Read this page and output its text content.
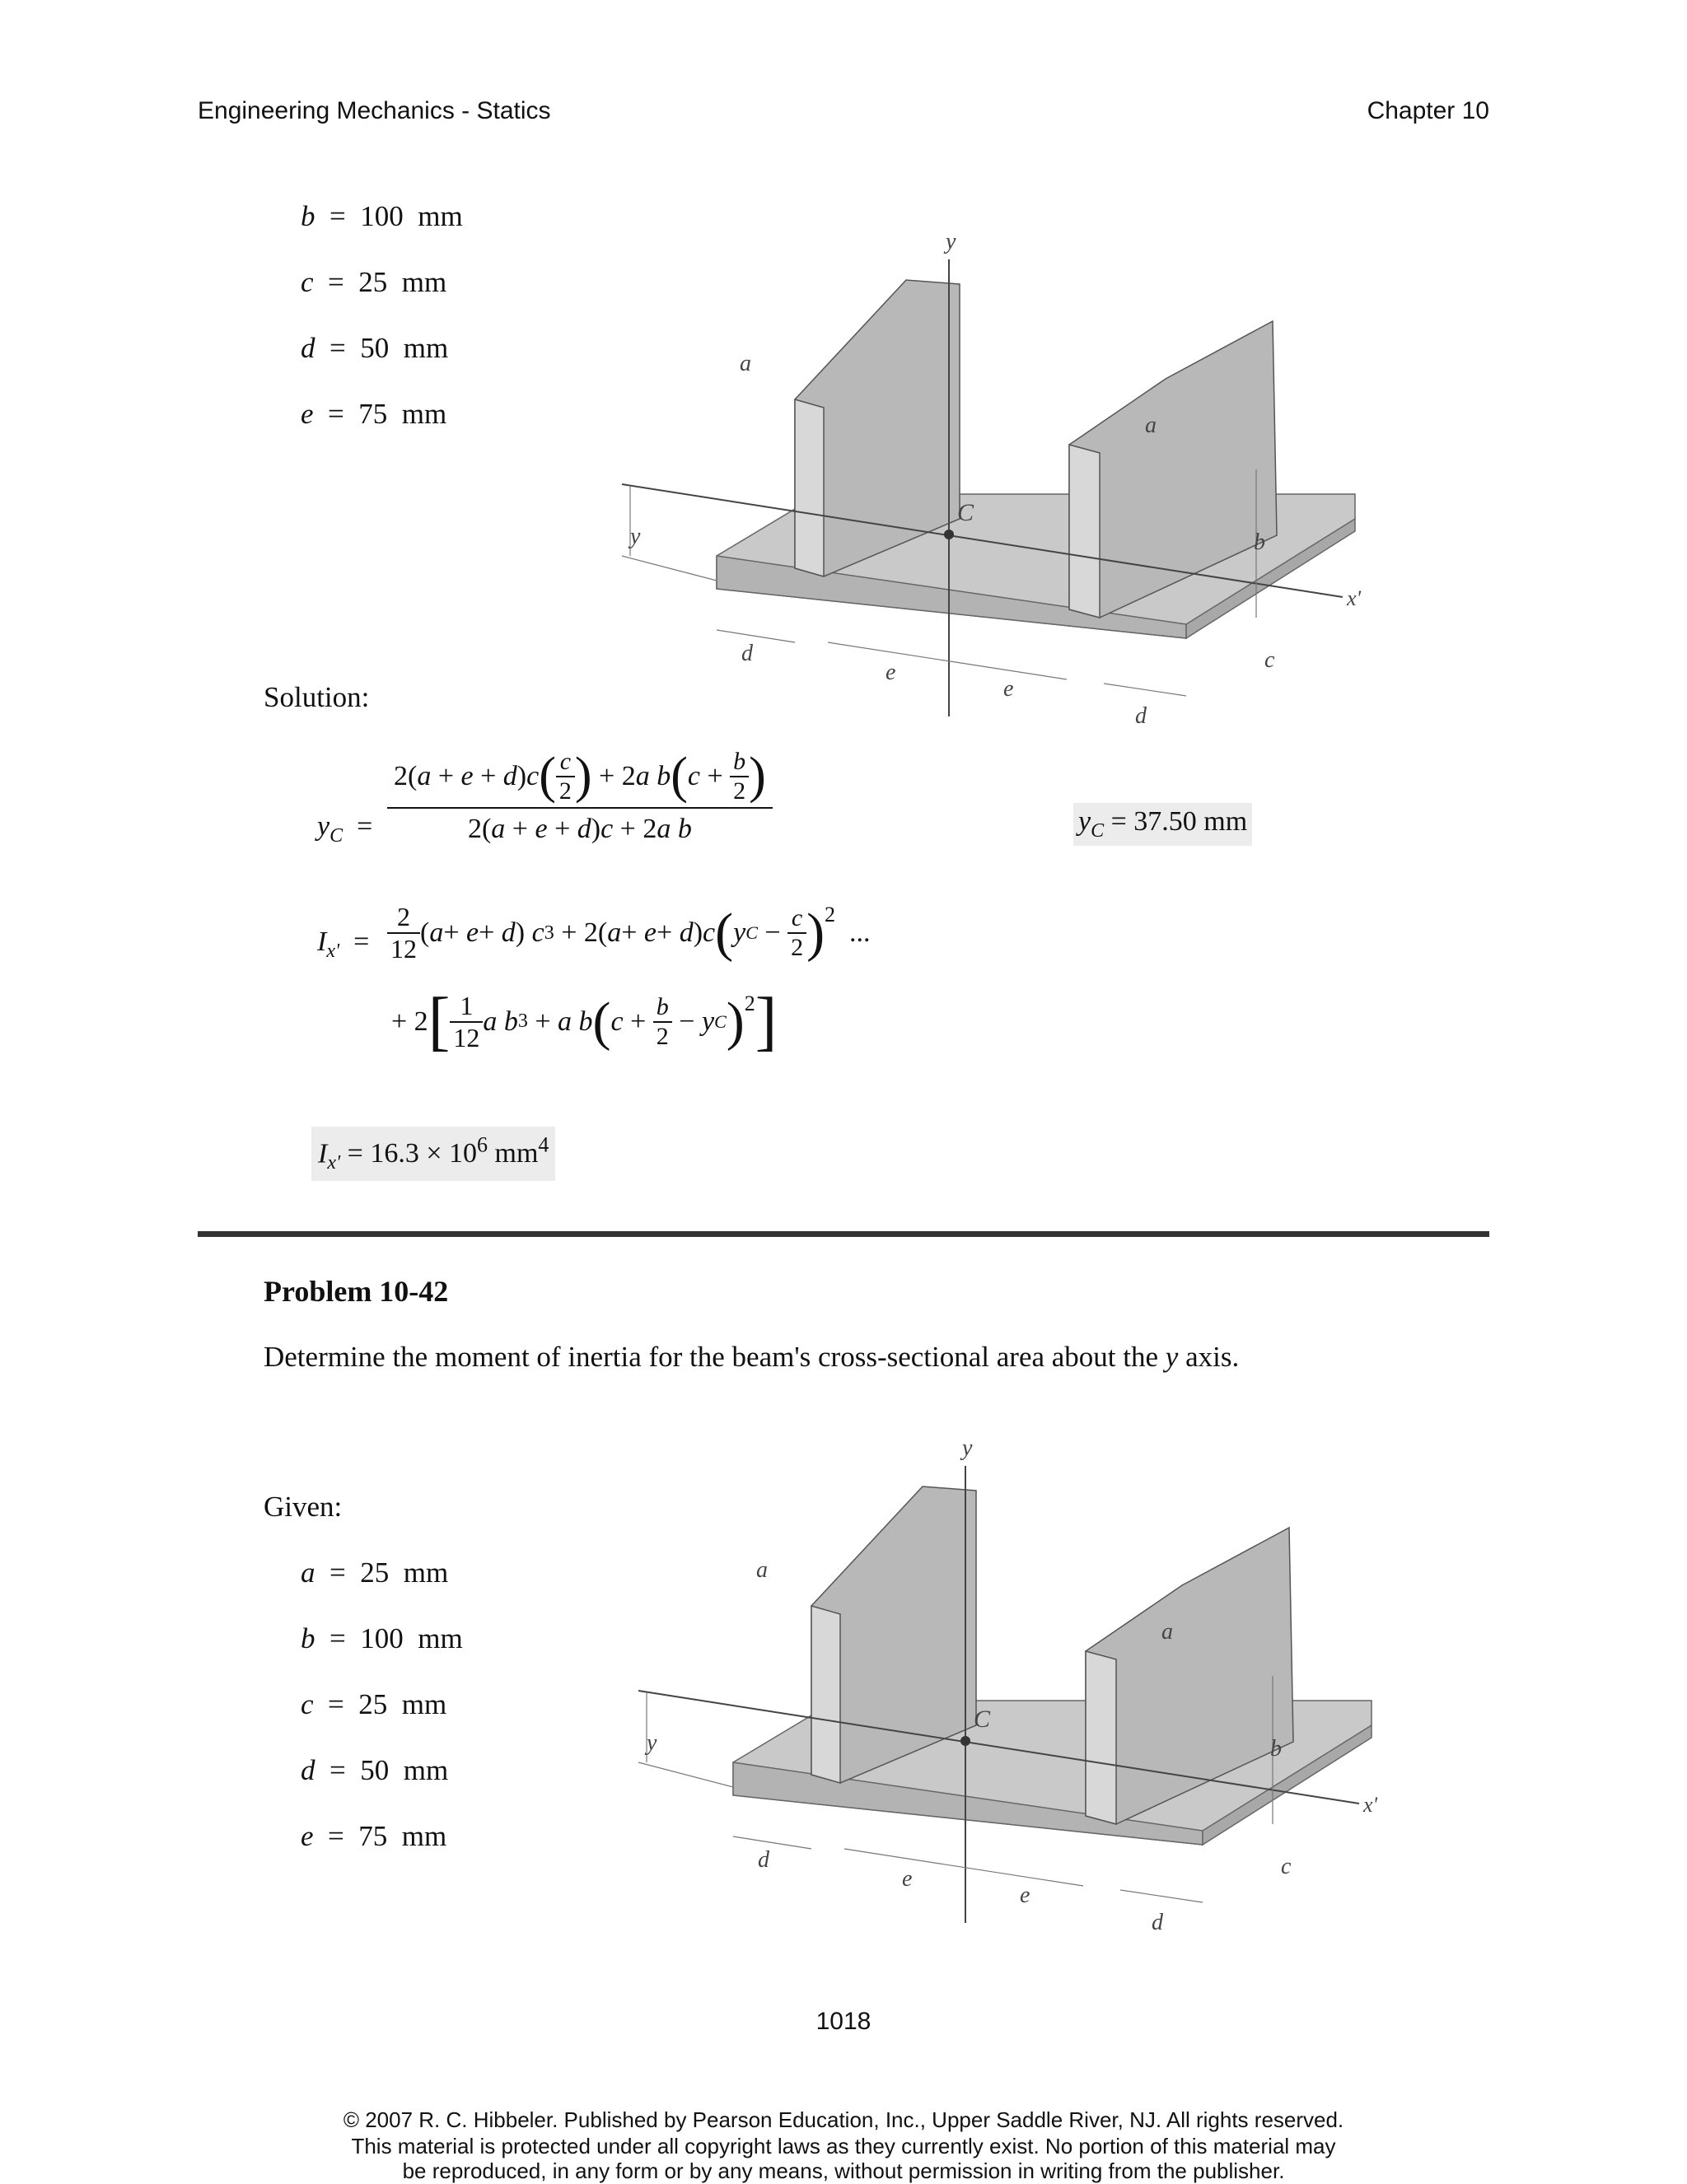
Engineering Mechanics - Statics	Chapter 10
b  =  100 mm
c  =  25 mm
d  =  50 mm
e  =  75 mm
y
a
a
C
y	b
c
d
e
e
d
x'
Solution:
$y_C$ =
2( a + e + d ) c ( $\frac{c}{2}$ ) + 2 a b ( $c + \frac{b}{2}$ )
2(a + e + d)c + 2a b	$y_C = 37.50$ mm
$I_{x'} = \frac{2}{12}$ ( a + e + d ) c 3 + 2( a + e + d ) c ( y $C - \frac{c}{2} )^2$
...
+ 2 [ $\frac{1}{12}$ a b 3 + a b ( $c + \frac{b}{2} - y$ C )$^2$ ]
$I_{x'} = 16.3 \times 10^6$ $mm^4$
Problem 10-42
Determine the moment of inertia for the beam's cross-sectional area about the y axis.
Given:
a  =  25 mm
b  =  100 mm
c  =  25 mm
d  =  50 mm
e  =  75 mm
y
a
a
C
y	b
c
d
e
e
d
x'
1018
© 2007 R. C. Hibbeler. Published by Pearson Education, Inc., Upper Saddle River, NJ. All rights reserved.
This material is protected under all copyright laws as they currently exist. No portion of this material may
be reproduced, in any form or by any means, without permission in writing from the publisher.
